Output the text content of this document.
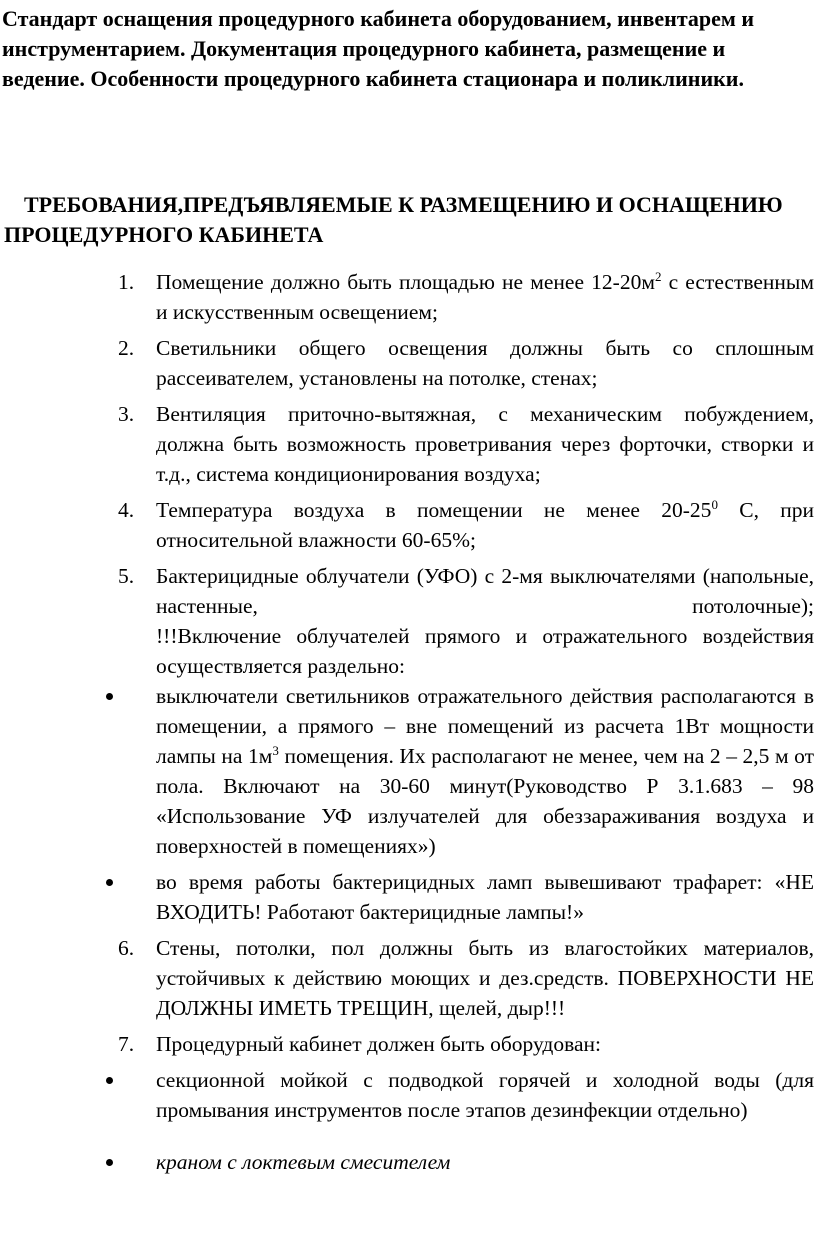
Стандарт оснащения процедурного кабинета оборудованием, инвентарем и инструментарием. Документация процедурного кабинета, размещение и ведение. Особенности процедурного кабинета стационара и поликлиники.

ТРЕБОВАНИЯ,ПРЕДЪЯВЛЯЕМЫЕ К РАЗМЕЩЕНИЮ И ОСНАЩЕНИЮ ПРОЦЕДУРНОГО КАБИНЕТА

1. Помещение должно быть площадью не менее $12-20м^2$ с естественным и искусственным освещением;
2. Светильники общего освещения должны быть со сплошным рассеивателем, установлены на потолке, стенах;
3. Вентиляция приточно-вытяжная, с механическим побуждением, должна быть возможность проветривания через форточки, створки и т.д., система кондиционирования воздуха;
4. Температура воздуха в помещении не менее $20-25^0$ С, при относительной влажности 60-65%;
5. Бактерицидные облучатели (УФО) с 2-мя выключателями (напольные, настенные, потолочные);
!!!Включение облучателей прямого и отражательного воздействия осуществляется раздельно:
выключатели светильников отражательного действия располагаются в помещении, а прямого – вне помещений из расчета 1Вт мощности лампы на $1м^3$ помещения. Их располагают не менее, чем на 2 – 2,5 м от пола. Включают на 30-60 минут(Руководство Р 3.1.683 – 98 «Использование УФ излучателей для обеззараживания воздуха и поверхностей в помещениях»)
во время работы бактерицидных ламп вывешивают трафарет: «НЕ ВХОДИТЬ! Работают бактерицидные лампы!»
6. Стены, потолки, пол должны быть из влагостойких материалов, устойчивых к действию моющих и дез.средств. ПОВЕРХНОСТИ НЕ ДОЛЖНЫ ИМЕТЬ ТРЕЩИН, щелей, дыр!!!
7. Процедурный кабинет должен быть оборудован:
секционной мойкой с подводкой горячей и холодной воды (для промывания инструментов после этапов дезинфекции отдельно)
краном с локтевым смесителем
